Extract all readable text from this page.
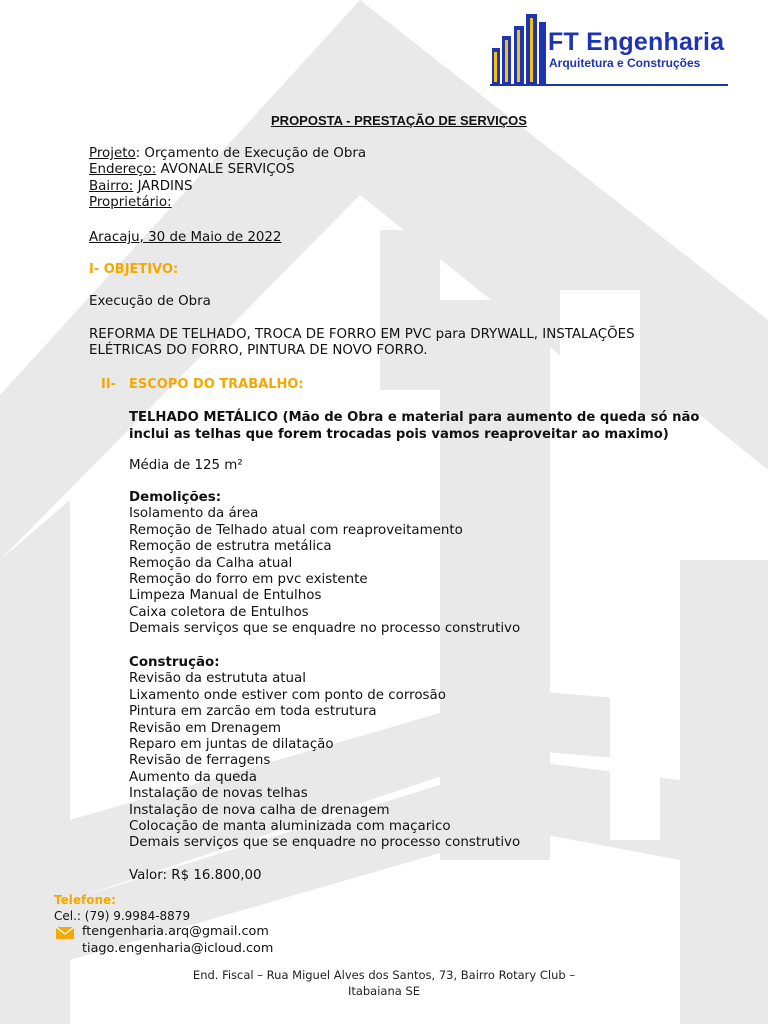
FT Engenharia
Arquitetura e Construções
PROPOSTA - PRESTAÇÃO DE SERVIÇOS
Projeto: Orçamento de Execução de Obra
Endereço: AVONALE SERVIÇOS
Bairro: JARDINS
Proprietário:
Aracaju, 30 de Maio de 2022
I- OBJETIVO:
Execução de Obra
REFORMA DE TELHADO, TROCA DE FORRO EM PVC para DRYWALL, INSTALAÇÕES
ELÉTRICAS DO FORRO, PINTURA DE NOVO FORRO.
II- ESCOPO DO TRABALHO:
TELHADO METÁLICO (Mão de Obra e material para aumento de queda só não
inclui as telhas que forem trocadas pois vamos reaproveitar ao maximo)
Média de 125 m²
Demolições:
Isolamento da área
Remoção de Telhado atual com reaproveitamento
Remoção de estrutra metálica
Remoção da Calha atual
Remoção do forro em pvc existente
Limpeza Manual de Entulhos
Caixa coletora de Entulhos
Demais serviços que se enquadre no processo construtivo
Construção:
Revisão da estrututa atual
Lixamento onde estiver com ponto de corrosão
Pintura em zarcão em toda estrutura
Revisão em Drenagem
Reparo em juntas de dilatação
Revisão de ferragens
Aumento da queda
Instalação de novas telhas
Instalação de nova calha de drenagem
Colocação de manta aluminizada com maçarico
Demais serviços que se enquadre no processo construtivo
Valor: R$ 16.800,00
Telefone:
Cel.: (79) 9.9984-8879
ftengenharia.arq@gmail.com
tiago.engenharia@icloud.com
End. Fiscal – Rua Miguel Alves dos Santos, 73, Bairro Rotary Club –
Itabaiana SE
